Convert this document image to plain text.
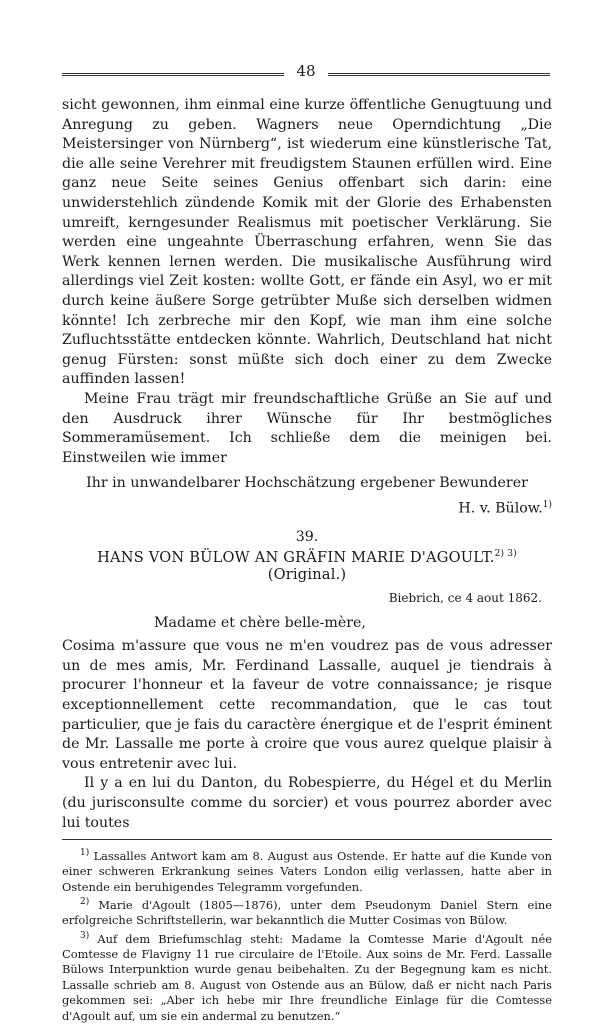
48

sicht gewonnen, ihm einmal eine kurze öffentliche Genugtuung und Anregung zu geben. Wagners neue Operndichtung „Die Meistersinger von Nürnberg“, ist wiederum eine künstlerische Tat, die alle seine Verehrer mit freudigstem Staunen erfüllen wird. Eine ganz neue Seite seines Genius offenbart sich darin: eine unwiderstehlich zündende Komik mit der Glorie des Erhabensten umreift, kerngesunder Realismus mit poetischer Verklärung. Sie werden eine ungeahnte Überraschung erfahren, wenn Sie das Werk kennen lernen werden. Die musikalische Ausführung wird allerdings viel Zeit kosten: wollte Gott, er fände ein Asyl, wo er mit durch keine äußere Sorge getrübter Muße sich derselben widmen könnte! Ich zerbreche mir den Kopf, wie man ihm eine solche Zufluchtsstätte entdecken könnte. Wahrlich, Deutschland hat nicht genug Fürsten: sonst müßte sich doch einer zu dem Zwecke auffinden lassen!

Meine Frau trägt mir freundschaftliche Grüße an Sie auf und den Ausdruck ihrer Wünsche für Ihr bestmögliches Sommeramüsement. Ich schließe dem die meinigen bei. Einstweilen wie immer

Ihr in unwandelbarer Hochschätzung ergebener Bewunderer

H. v. Bülow.$^{1)}$

39.

HANS VON BÜLOW AN GRÄFIN MARIE D'AGOULT.$^{2) 3)}$ (Original.)

Biebrich, ce 4 aout 1862.

Madame et chère belle-mère,

Cosima m'assure que vous ne m'en voudrez pas de vous adresser un de mes amis, Mr. Ferdinand Lassalle, auquel je tiendrais à procurer l'honneur et la faveur de votre connaissance; je risque exceptionnellement cette recommandation, que le cas tout particulier, que je fais du caractère énergique et de l'esprit éminent de Mr. Lassalle me porte à croire que vous aurez quelque plaisir à vous entretenir avec lui.

Il y a en lui du Danton, du Robespierre, du Hégel et du Merlin (du jurisconsulte comme du sorcier) et vous pourrez aborder avec lui toutes

$^{1)}$ Lassalles Antwort kam am 8. August aus Ostende. Er hatte auf die Kunde von einer schweren Erkrankung seines Vaters London eilig verlassen, hatte aber in Ostende ein beruhigendes Telegramm vorgefunden.

$^{2)}$ Marie d'Agoult (1805—1876), unter dem Pseudonym Daniel Stern eine erfolgreiche Schriftstellerin, war bekanntlich die Mutter Cosimas von Bülow.

$^{3)}$ Auf dem Briefumschlag steht: Madame la Comtesse Marie d'Agoult née Comtesse de Flavigny 11 rue circulaire de l'Etoile. Aux soins de Mr. Ferd. Lassalle Bülows Interpunktion wurde genau beibehalten. Zu der Begegnung kam es nicht. Lassalle schrieb am 8. August von Ostende aus an Bülow, daß er nicht nach Paris gekommen sei: „Aber ich hebe mir Ihre freundliche Einlage für die Comtesse d'Agoult auf, um sie ein andermal zu benutzen.“
